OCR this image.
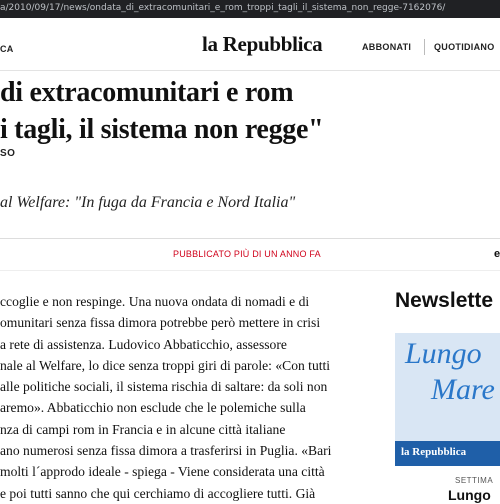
a/2010/09/17/news/ondata_di_extracomunitari_e_rom_troppi_tagli_il_sistema_non_regge-7162076/
CA	la Repubblica	ABBONATI	QUOTIDIANO
di extracomunitari e rom
i tagli, il sistema non regge"
SO
al Welfare: "In fuga da Francia e Nord Italia"
PUBBLICATO PIÙ DI UN ANNO FA	e
ccoglie e non respinge. Una nuova ondata di nomadi e di
omunitari senza fissa dimora potrebbe però mettere in crisi
a rete di assistenza. Ludovico Abbaticchio, assessore
nale al Welfare, lo dice senza troppi giri di parole: «Con tutti
alle politiche sociali, il sistema rischia di saltare: da soli non
aremo». Abbaticchio non esclude che le polemiche sulla
nza di campi rom in Francia e in alcune città italiane
ano numerosi senza fissa dimora a trasferirsi in Puglia. «Bari
molti l´approdo ideale - spiega - Viene considerata una città
e poi tutti sanno che qui cerchiamo di accogliere tutti. Già
Newslette
Lungo
Mare
la Repubblica
SETTIMA
Lungo
